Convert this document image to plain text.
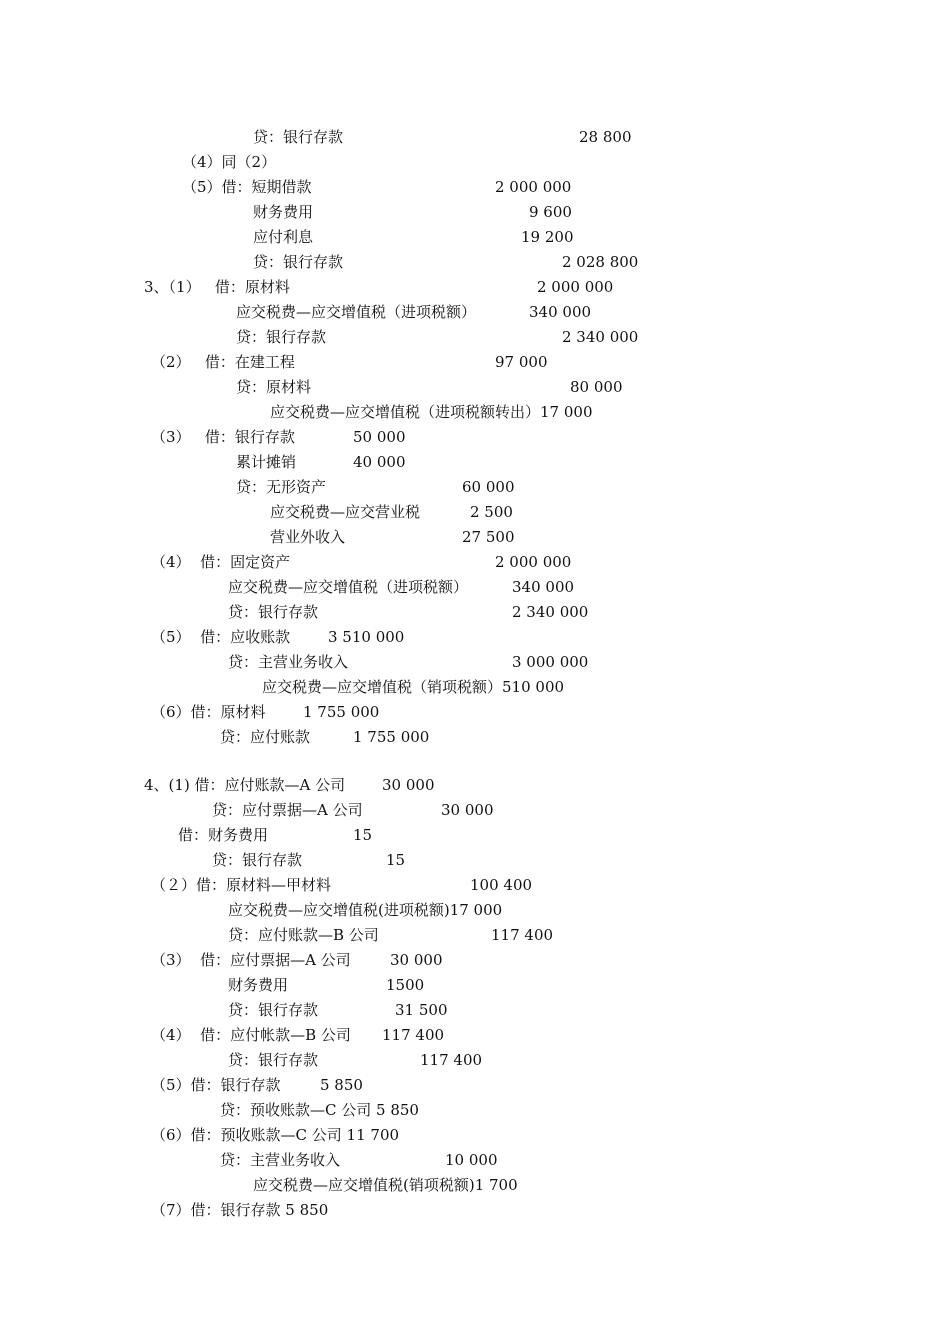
贷：银行存款	28 800
（4）同（2）
（5）借：短期借款	2 000 000
财务费用	9 600
应付利息	19 200
贷：银行存款	2 028 800
3、（1）   借：原材料	2 000 000
应交税费—应交增值税（进项税额）	340 000
贷：银行存款	2 340 000
（2）   借：在建工程	97 000
贷：原材料	80 000
应交税费—应交增值税（进项税额转出）17 000
（3）   借：银行存款	50 000
累计摊销	40 000
贷：无形资产	60 000
应交税费—应交营业税	2 500
营业外收入	27 500
（4）  借：固定资产	2 000 000
应交税费—应交增值税（进项税额）	340 000
贷：银行存款	2 340 000
（5）  借：应收账款	3 510 000
贷：主营业务收入	3 000 000
应交税费—应交增值税（销项税额）510 000
（6）借：原材料 1 755 000
贷：应付账款	1 755 000
4、(1) 借：应付账款—A 公司 30 000
贷：应付票据—A 公司	30 000
借：财务费用	15
贷：银行存款	15
（２）借：原材料—甲材料	100 400
应交税费—应交增值税(进项税额)17 000
贷：应付账款—B 公司	117 400
（3）  借：应付票据—A 公司	30 000
财务费用	1500
贷：银行存款	31 500
（4）  借：应付帐款—B 公司 117 400
贷：银行存款	117 400
（5）借：银行存款	5 850
贷：预收账款—C 公司 5 850
（6）借：预收账款—C 公司 11 700
贷：主营业务收入	10 000
应交税费—应交增值税(销项税额)1 700
（7）借：银行存款 5 850
